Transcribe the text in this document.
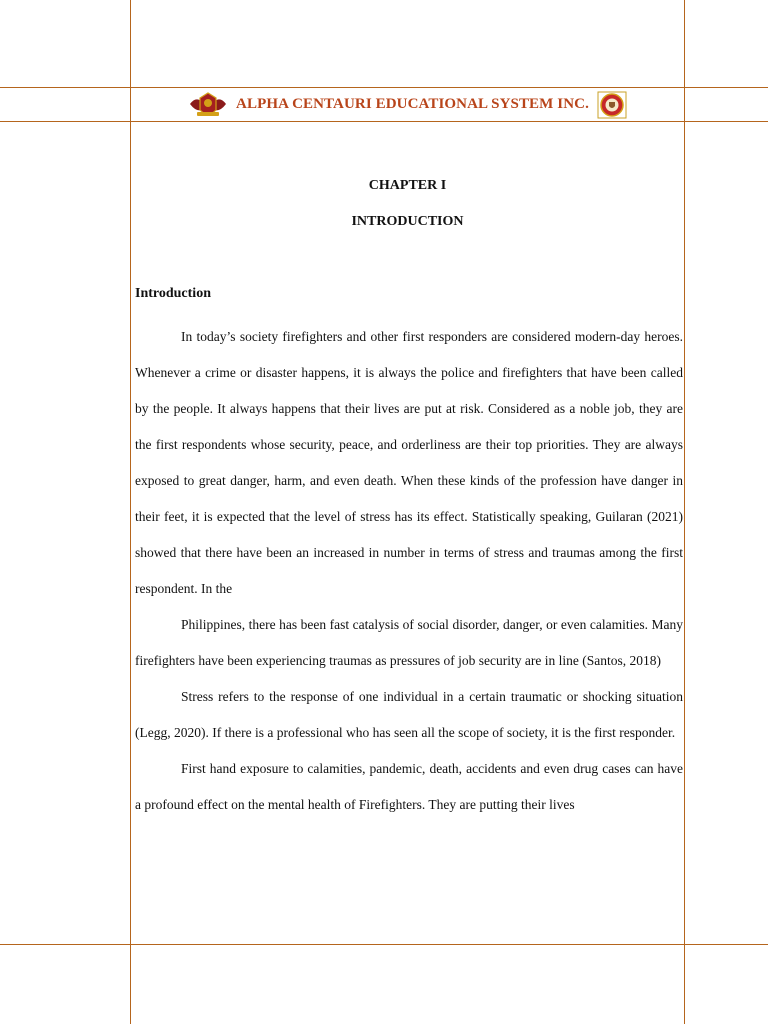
ALPHA CENTAURI EDUCATIONAL SYSTEM INC.
CHAPTER I
INTRODUCTION
Introduction

In today’s society firefighters and other first responders are considered modern-day heroes. Whenever a crime or disaster happens, it is always the police and firefighters that have been called by the people. It always happens that their lives are put at risk. Considered as a noble job, they are the first respondents whose security, peace, and orderliness are their top priorities. They are always exposed to great danger, harm, and even death. When these kinds of the profession have danger in their feet, it is expected that the level of stress has its effect. Statistically speaking, Guilaran (2021) showed that there have been an increased in number in terms of stress and traumas among the first respondent. In the

Philippines, there has been fast catalysis of social disorder, danger, or even calamities. Many firefighters have been experiencing traumas as pressures of job security are in line (Santos, 2018)

Stress refers to the response of one individual in a certain traumatic or shocking situation (Legg, 2020). If there is a professional who has seen all the scope of society, it is the first responder.

First hand exposure to calamities, pandemic, death, accidents and even drug cases can have a profound effect on the mental health of Firefighters. They are putting their lives
